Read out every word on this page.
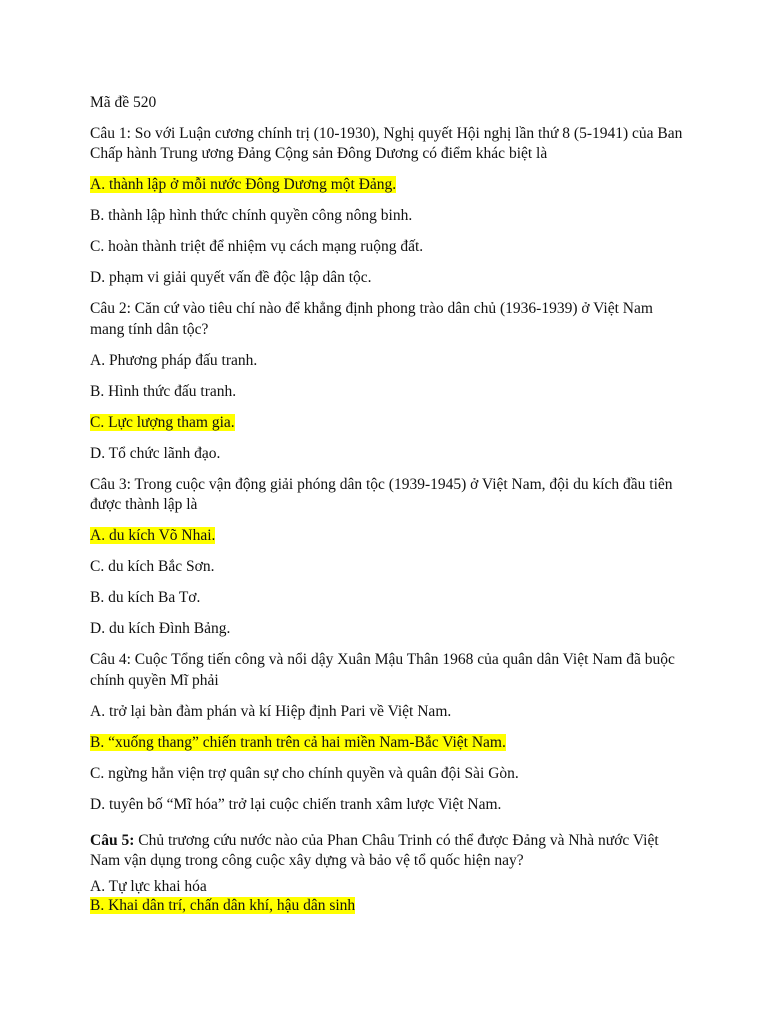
Mã đề 520

Câu 1: So với Luận cương chính trị (10-1930), Nghị quyết Hội nghị lần thứ 8 (5-1941) của Ban Chấp hành Trung ương Đảng Cộng sản Đông Dương có điểm khác biệt là

A. thành lập ở mỗi nước Đông Dương một Đảng.

B. thành lập hình thức chính quyền công nông binh.

C. hoàn thành triệt để nhiệm vụ cách mạng ruộng đất.

D. phạm vi giải quyết vấn đề độc lập dân tộc.

Câu 2: Căn cứ vào tiêu chí nào để khẳng định phong trào dân chủ (1936-1939) ở Việt Nam mang tính dân tộc?

A. Phương pháp đấu tranh.

B. Hình thức đấu tranh.

C. Lực lượng tham gia.

D. Tổ chức lãnh đạo.

Câu 3: Trong cuộc vận động giải phóng dân tộc (1939-1945) ở Việt Nam, đội du kích đầu tiên được thành lập là

A. du kích Võ Nhai.

C. du kích Bắc Sơn.

B. du kích Ba Tơ.

D. du kích Đình Bảng.

Câu 4: Cuộc Tổng tiến công và nổi dậy Xuân Mậu Thân 1968 của quân dân Việt Nam đã buộc chính quyền Mĩ phải

A. trở lại bàn đàm phán và kí Hiệp định Pari về Việt Nam.

B. “xuống thang” chiến tranh trên cả hai miền Nam-Bắc Việt Nam.

C. ngừng hẳn viện trợ quân sự cho chính quyền và quân đội Sài Gòn.

D. tuyên bố “Mĩ hóa” trở lại cuộc chiến tranh xâm lược Việt Nam.

Câu 5: Chủ trương cứu nước nào của Phan Châu Trinh có thể được Đảng và Nhà nước Việt Nam vận dụng trong công cuộc xây dựng và bảo vệ tổ quốc hiện nay?

A. Tự lực khai hóa

B. Khai dân trí, chấn dân khí, hậu dân sinh
